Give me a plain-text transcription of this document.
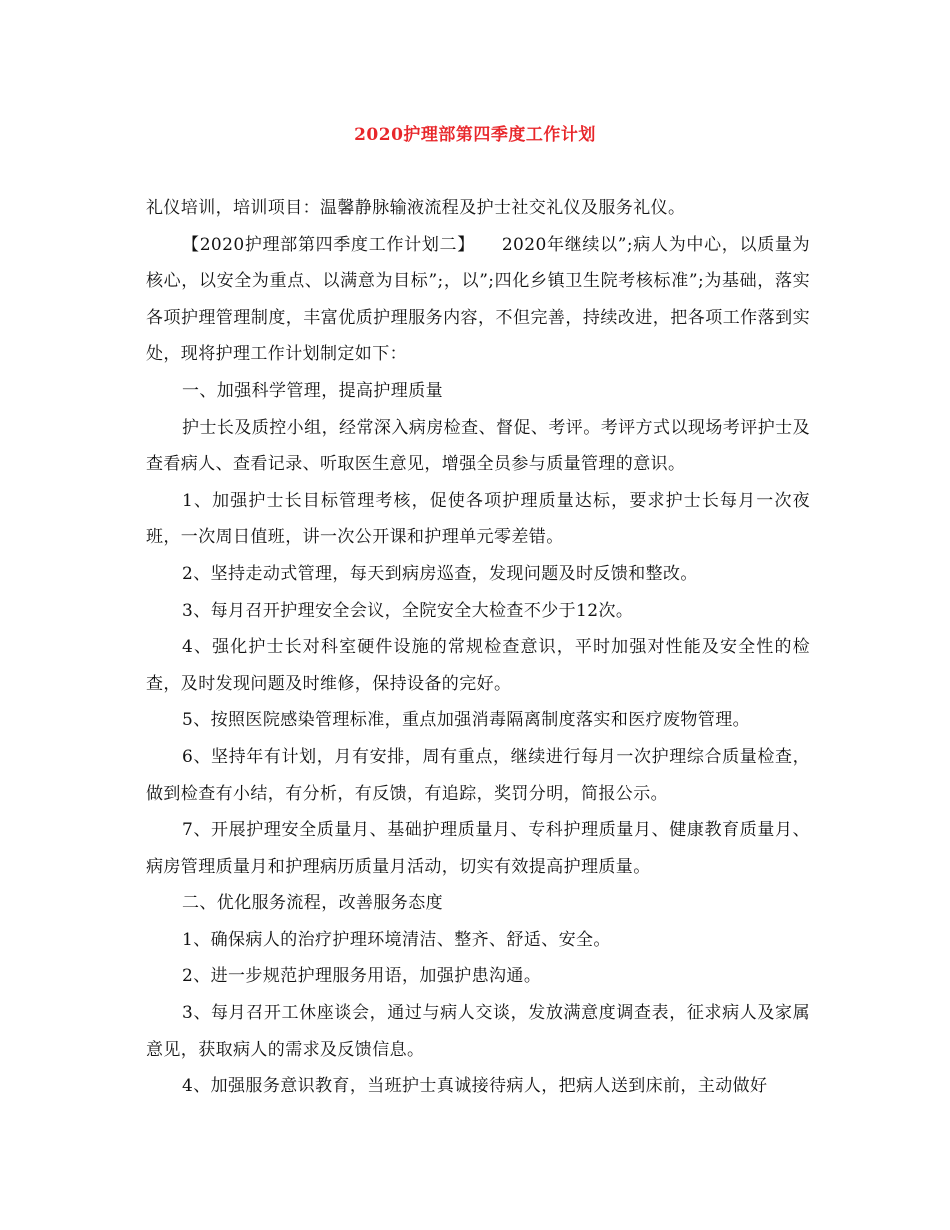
2020护理部第四季度工作计划

礼仪培训，培训项目：温馨静脉输液流程及护士社交礼仪及服务礼仪。

【2020护理部第四季度工作计划二】　　2020年继续以”;病人为中心，以质量为核心，以安全为重点、以满意为目标”;，以”;四化乡镇卫生院考核标准”;为基础，落实各项护理管理制度，丰富优质护理服务内容，不但完善，持续改进，把各项工作落到实处，现将护理工作计划制定如下：

一、加强科学管理，提高护理质量

护士长及质控小组，经常深入病房检查、督促、考评。考评方式以现场考评护士及查看病人、查看记录、听取医生意见，增强全员参与质量管理的意识。

1、加强护士长目标管理考核，促使各项护理质量达标，要求护士长每月一次夜班，一次周日值班，讲一次公开课和护理单元零差错。

2、坚持走动式管理，每天到病房巡查，发现问题及时反馈和整改。

3、每月召开护理安全会议，全院安全大检查不少于12次。

4、强化护士长对科室硬件设施的常规检查意识，平时加强对性能及安全性的检查，及时发现问题及时维修，保持设备的完好。

5、按照医院感染管理标准，重点加强消毒隔离制度落实和医疗废物管理。

6、坚持年有计划，月有安排，周有重点，继续进行每月一次护理综合质量检查，做到检查有小结，有分析，有反馈，有追踪，奖罚分明，简报公示。

7、开展护理安全质量月、基础护理质量月、专科护理质量月、健康教育质量月、病房管理质量月和护理病历质量月活动，切实有效提高护理质量。

二、优化服务流程，改善服务态度

1、确保病人的治疗护理环境清洁、整齐、舒适、安全。

2、进一步规范护理服务用语，加强护患沟通。

3、每月召开工休座谈会，通过与病人交谈，发放满意度调查表，征求病人及家属意见，获取病人的需求及反馈信息。

4、加强服务意识教育，当班护士真诚接待病人，把病人送到床前，主动做好
